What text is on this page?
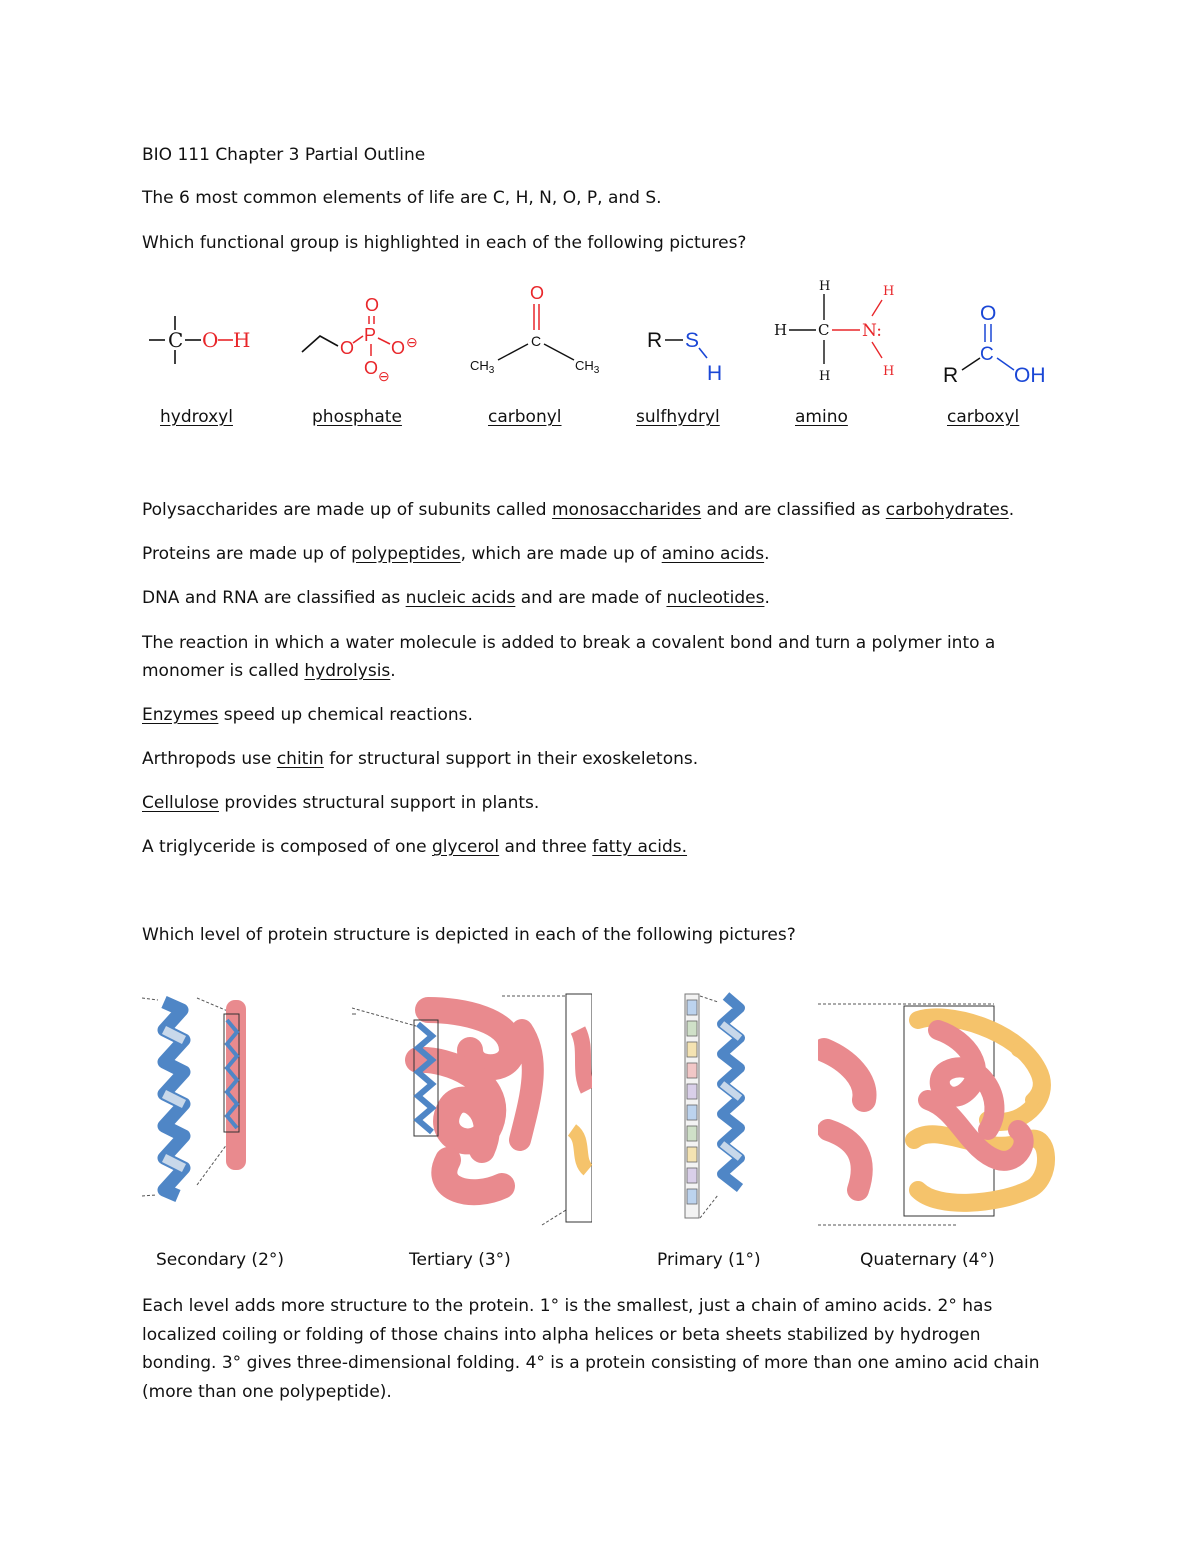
BIO 111 Chapter 3 Partial Outline
The 6 most common elements of life are C, H, N, O, P, and S.
Which functional group is highlighted in each of the following pictures?
C O H
hydroxyl
O
P
O
O ⊖
O ⊖
phosphate
O
C
$CH_3$	$CH_3$
carbonyl
R S
H
sulfhydryl
H
H C
H
N:
H
H
amino
O
C
R	OH
carboxyl
Polysaccharides are made up of subunits called monosaccharides and are classified as carbohydrates.
Proteins are made up of polypeptides, which are made up of amino acids.
DNA and RNA are classified as nucleic acids and are made of nucleotides.
The reaction in which a water molecule is added to break a covalent bond and turn a polymer into a
monomer is called hydrolysis.
Enzymes speed up chemical reactions.
Arthropods use chitin for structural support in their exoskeletons.
Cellulose provides structural support in plants.
A triglyceride is composed of one glycerol and three fatty acids.
Which level of protein structure is depicted in each of the following pictures?
Secondary (2°)	Tertiary (3°)	Primary (1°)	Quaternary (4°)
Each level adds more structure to the protein. 1° is the smallest, just a chain of amino acids. 2° has localized coiling or folding of those chains into alpha helices or beta sheets stabilized by hydrogen bonding. 3° gives three-dimensional folding. 4° is a protein consisting of more than one amino acid chain (more than one polypeptide).
